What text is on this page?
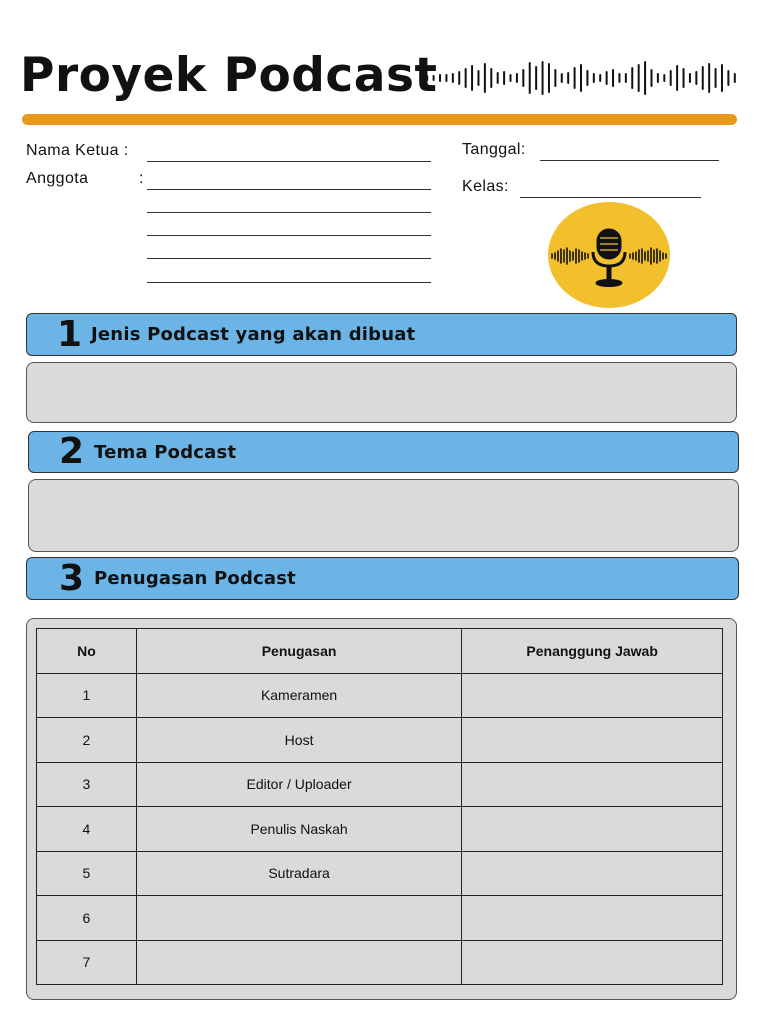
Proyek Podcast
Nama Ketua :
Anggota	:
Tanggal:
Kelas:
1 Jenis Podcast yang akan dibuat
2 Tema Podcast
3 Penugasan Podcast
No	Penugasan	Penanggung Jawab
1	Kameramen	
2	Host	
3	Editor / Uploader	
4	Penulis Naskah	
5	Sutradara	
6		
7		
